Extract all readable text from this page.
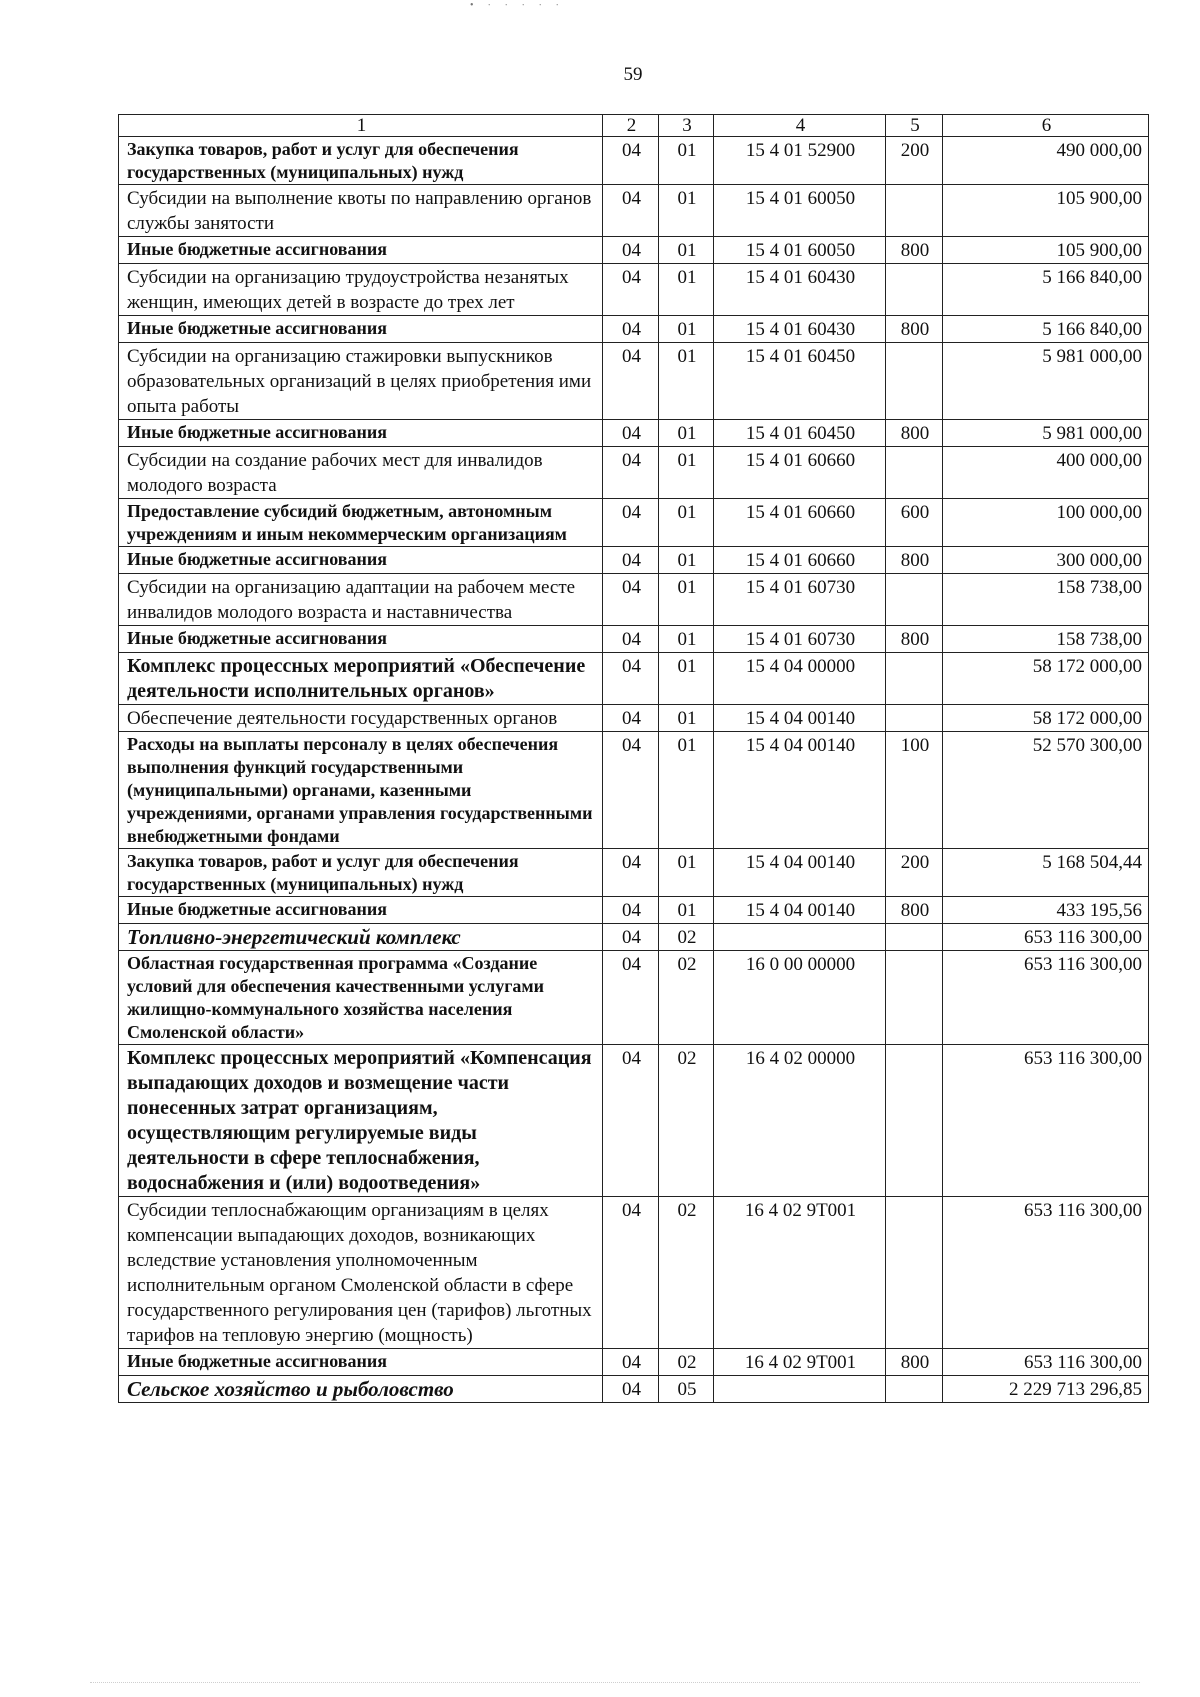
• ∙ ∙ ∙ ∙ ∙
59
1	2	3	4	5	6
Закупка товаров, работ и услуг для обеспечения государственных (муниципальных) нужд	04	01	15 4 01 52900	200	490 000,00
Субсидии на выполнение квоты по направлению органов службы занятости	04	01	15 4 01 60050		105 900,00
Иные бюджетные ассигнования	04	01	15 4 01 60050	800	105 900,00
Субсидии на организацию трудоустройства незанятых женщин, имеющих детей в возрасте до трех лет	04	01	15 4 01 60430		5 166 840,00
Иные бюджетные ассигнования	04	01	15 4 01 60430	800	5 166 840,00
Субсидии на организацию стажировки выпускников образовательных организаций в целях приобретения ими опыта работы	04	01	15 4 01 60450		5 981 000,00
Иные бюджетные ассигнования	04	01	15 4 01 60450	800	5 981 000,00
Субсидии на создание рабочих мест для инвалидов молодого возраста	04	01	15 4 01 60660		400 000,00
Предоставление субсидий бюджетным, автономным учреждениям и иным некоммерческим организациям	04	01	15 4 01 60660	600	100 000,00
Иные бюджетные ассигнования	04	01	15 4 01 60660	800	300 000,00
Субсидии на организацию адаптации на рабочем месте инвалидов молодого возраста и наставничества	04	01	15 4 01 60730		158 738,00
Иные бюджетные ассигнования	04	01	15 4 01 60730	800	158 738,00
Комплекс процессных мероприятий «Обеспечение деятельности исполнительных органов»	04	01	15 4 04 00000		58 172 000,00
Обеспечение деятельности государственных органов	04	01	15 4 04 00140		58 172 000,00
Расходы на выплаты персоналу в целях обеспечения выполнения функций государственными (муниципальными) органами, казенными учреждениями, органами управления государственными внебюджетными фондами	04	01	15 4 04 00140	100	52 570 300,00
Закупка товаров, работ и услуг для обеспечения государственных (муниципальных) нужд	04	01	15 4 04 00140	200	5 168 504,44
Иные бюджетные ассигнования	04	01	15 4 04 00140	800	433 195,56
Топливно-энергетический комплекс	04	02			653 116 300,00
Областная государственная программа «Создание условий для обеспечения качественными услугами жилищно-коммунального хозяйства населения Смоленской области»	04	02	16 0 00 00000		653 116 300,00
Комплекс процессных мероприятий «Компенсация выпадающих доходов и возмещение части понесенных затрат организациям, осуществляющим регулируемые виды деятельности в сфере теплоснабжения, водоснабжения и (или) водоотведения»	04	02	16 4 02 00000		653 116 300,00
Субсидии теплоснабжающим организациям в целях компенсации выпадающих доходов, возникающих вследствие установления уполномоченным исполнительным органом Смоленской области в сфере государственного регулирования цен (тарифов) льготных тарифов на тепловую энергию (мощность)	04	02	16 4 02 9Т001		653 116 300,00
Иные бюджетные ассигнования	04	02	16 4 02 9Т001	800	653 116 300,00
Сельское хозяйство и рыболовство	04	05			2 229 713 296,85
